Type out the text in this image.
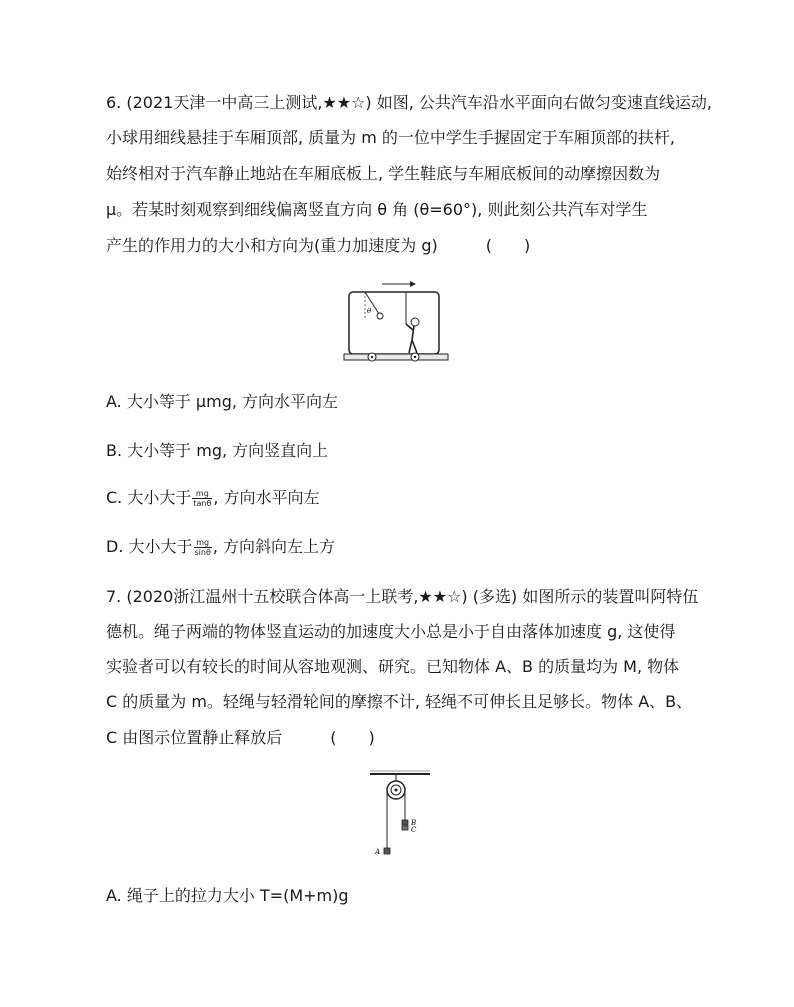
6. (2021天津一中高三上测试,★★☆) 如图, 公共汽车沿水平面向右做匀变速直线运动,
小球用细线悬挂于车厢顶部, 质量为 m 的一位中学生手握固定于车厢顶部的扶杆,
始终相对于汽车静止地站在车厢底板上, 学生鞋底与车厢底板间的动摩擦因数为
μ。若某时刻观察到细线偏离竖直方向 θ 角 (θ=60°), 则此刻公共汽车对学生
产生的作用力的大小和方向为(重力加速度为 g)　　　(　　)
θ
A. 大小等于 μmg, 方向水平向左
B. 大小等于 mg, 方向竖直向上
C. 大小大于 $\frac{mg}{\tan\theta}$ , 方向水平向左
D. 大小大于 $\frac{mg}{\sin\theta}$ , 方向斜向左上方
7. (2020浙江温州十五校联合体高一上联考,★★☆) (多选) 如图所示的装置叫阿特伍
德机。绳子两端的物体竖直运动的加速度大小总是小于自由落体加速度 g, 这使得
实验者可以有较长的时间从容地观测、研究。已知物体 A、B 的质量均为 M, 物体
C 的质量为 m。轻绳与轻滑轮间的摩擦不计, 轻绳不可伸长且足够长。物体 A、B、
C 由图示位置静止释放后　　　(　　)
B
C
A
A. 绳子上的拉力大小 T=(M+m)g
